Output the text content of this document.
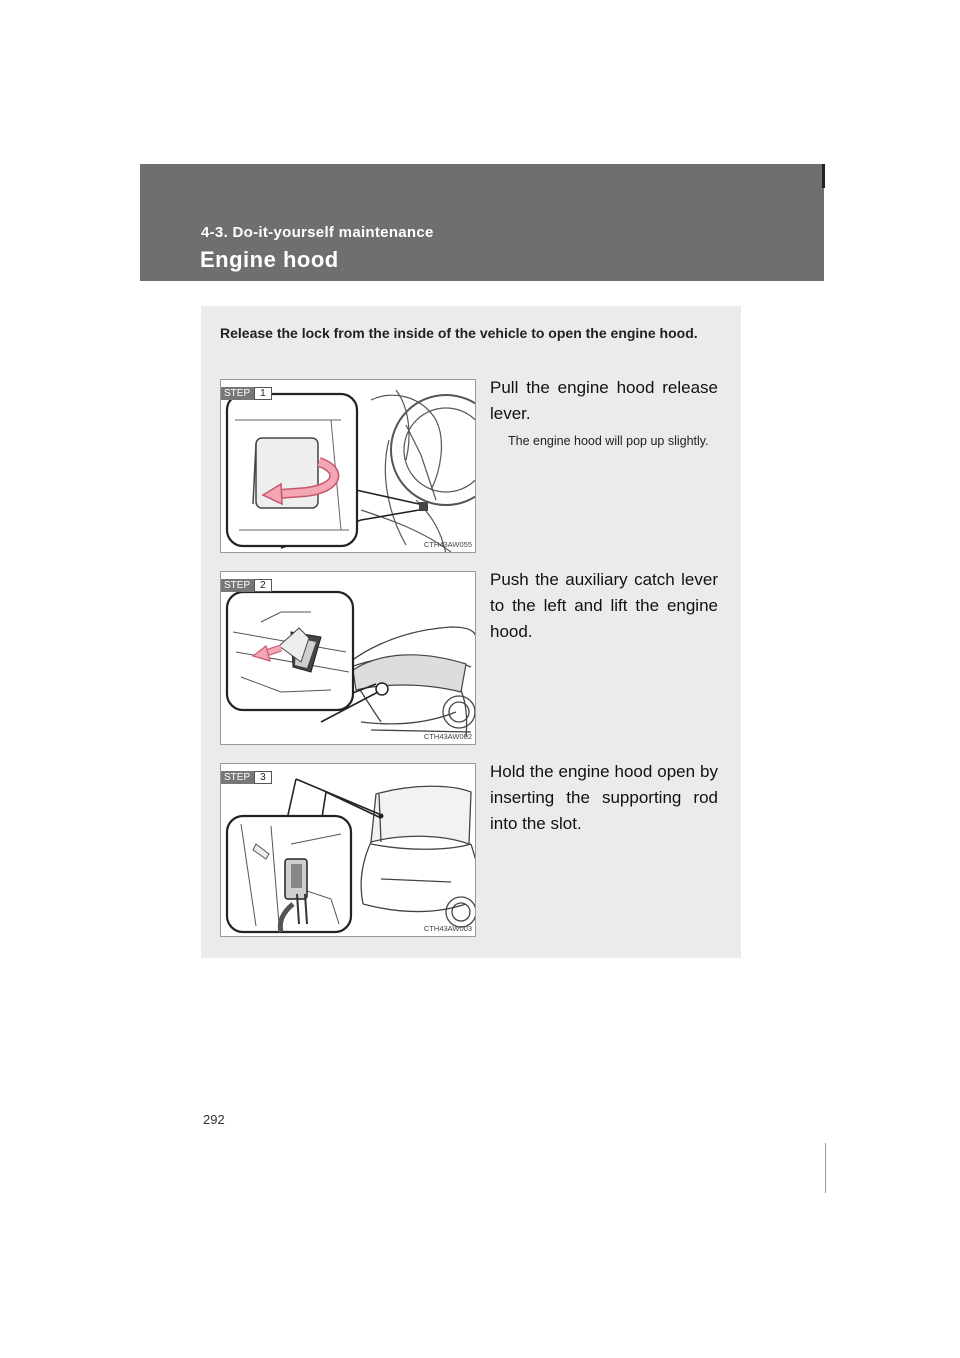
4-3. Do-it-yourself maintenance
Engine hood
Release the lock from the inside of the vehicle to open the engine hood.
STEP	1
CTH43AW055
Pull the engine hood release lever.
The engine hood will pop up slightly.
STEP	2
CTH43AW002
Push the auxiliary catch lever to the left and lift the engine hood.
STEP	3
CTH43AW003
Hold the engine hood open by inserting the supporting rod into the slot.
292
